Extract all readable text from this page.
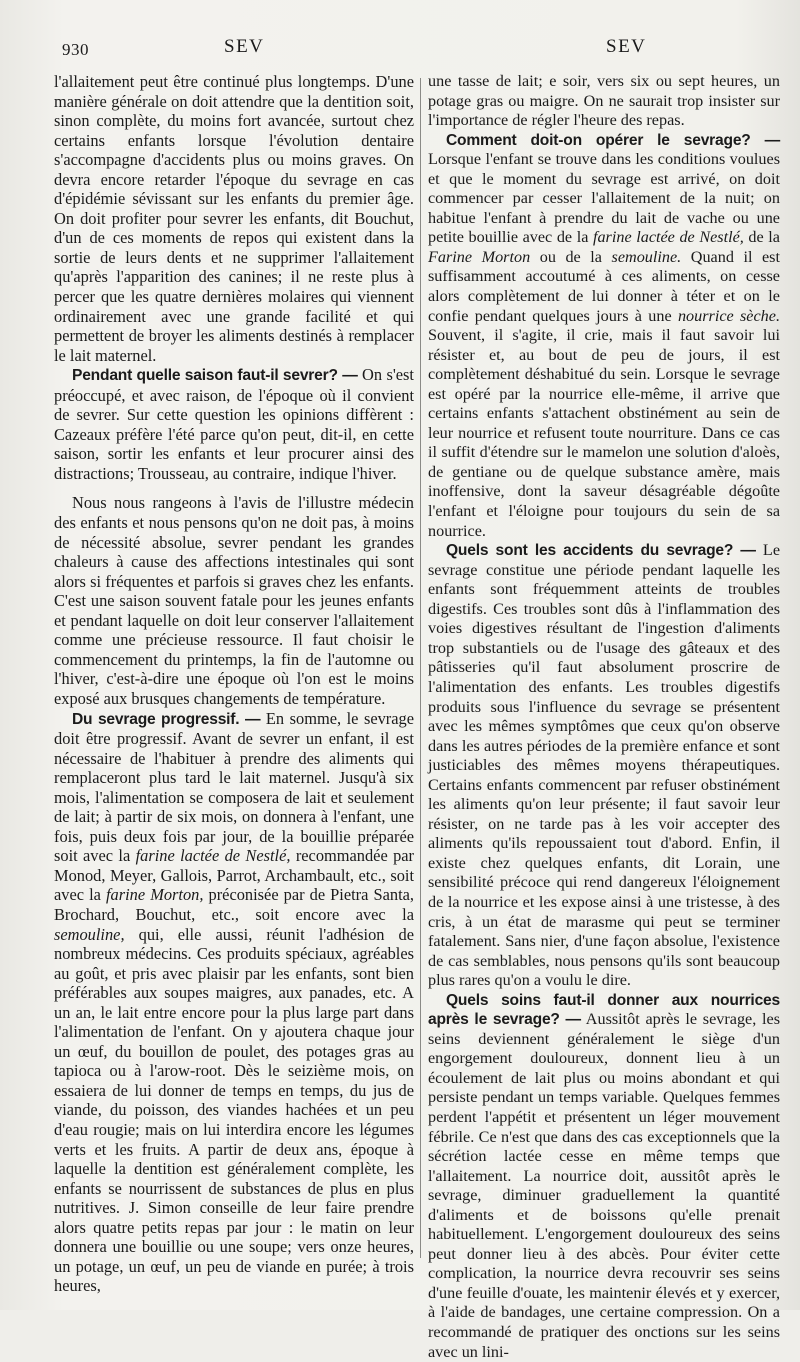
930	SEV	SEV

l'allaitement peut être continué plus longtemps. D'une manière générale on doit attendre que la dentition soit, sinon complète, du moins fort avancée, surtout chez certains enfants lorsque l'évolution dentaire s'accompagne d'accidents plus ou moins graves. On devra encore retarder l'époque du sevrage en cas d'épidémie sévissant sur les enfants du premier âge. On doit profiter pour sevrer les enfants, dit Bouchut, d'un de ces moments de repos qui existent dans la sortie de leurs dents et ne supprimer l'allaitement qu'après l'apparition des canines; il ne reste plus à percer que les quatre dernières molaires qui viennent ordinairement avec une grande facilité et qui permettent de broyer les aliments destinés à remplacer le lait maternel.

Pendant quelle saison faut-il sevrer? — On s'est préoccupé, et avec raison, de l'époque où il convient de sevrer. Sur cette question les opinions diffèrent : Cazeaux préfère l'été parce qu'on peut, dit-il, en cette saison, sortir les enfants et leur procurer ainsi des distractions; Trousseau, au contraire, indique l'hiver.

Nous nous rangeons à l'avis de l'illustre médecin des enfants et nous pensons qu'on ne doit pas, à moins de nécessité absolue, sevrer pendant les grandes chaleurs à cause des affections intestinales qui sont alors si fréquentes et parfois si graves chez les enfants. C'est une saison souvent fatale pour les jeunes enfants et pendant laquelle on doit leur conserver l'allaitement comme une précieuse ressource. Il faut choisir le commencement du printemps, la fin de l'automne ou l'hiver, c'est-à-dire une époque où l'on est le moins exposé aux brusques changements de température.

Du sevrage progressif. — En somme, le sevrage doit être progressif. Avant de sevrer un enfant, il est nécessaire de l'habituer à prendre des aliments qui remplaceront plus tard le lait maternel. Jusqu'à six mois, l'alimentation se composera de lait et seulement de lait; à partir de six mois, on donnera à l'enfant, une fois, puis deux fois par jour, de la bouillie préparée soit avec la farine lactée de Nestlé, recommandée par Monod, Meyer, Gallois, Parrot, Archambault, etc., soit avec la farine Morton, préconisée par de Pietra Santa, Brochard, Bouchut, etc., soit encore avec la semouline, qui, elle aussi, réunit l'adhésion de nombreux médecins. Ces produits spéciaux, agréables au goût, et pris avec plaisir par les enfants, sont bien préférables aux soupes maigres, aux panades, etc. A un an, le lait entre encore pour la plus large part dans l'alimentation de l'enfant. On y ajoutera chaque jour un œuf, du bouillon de poulet, des potages gras au tapioca ou à l'arow-root. Dès le seizième mois, on essaiera de lui donner de temps en temps, du jus de viande, du poisson, des viandes hachées et un peu d'eau rougie; mais on lui interdira encore les légumes verts et les fruits. A partir de deux ans, époque à laquelle la dentition est généralement complète, les enfants se nourrissent de substances de plus en plus nutritives. J. Simon conseille de leur faire prendre alors quatre petits repas par jour : le matin on leur donnera une bouillie ou une soupe; vers onze heures, un potage, un œuf, un peu de viande en purée; à trois heures,

une tasse de lait; e soir, vers six ou sept heures, un potage gras ou maigre. On ne saurait trop insister sur l'importance de régler l'heure des repas.

Comment doit-on opérer le sevrage? — Lorsque l'enfant se trouve dans les conditions voulues et que le moment du sevrage est arrivé, on doit commencer par cesser l'allaitement de la nuit; on habitue l'enfant à prendre du lait de vache ou une petite bouillie avec de la farine lactée de Nestlé, de la Farine Morton ou de la semouline. Quand il est suffisamment accoutumé à ces aliments, on cesse alors complètement de lui donner à téter et on le confie pendant quelques jours à une nourrice sèche. Souvent, il s'agite, il crie, mais il faut savoir lui résister et, au bout de peu de jours, il est complètement déshabitué du sein. Lorsque le sevrage est opéré par la nourrice elle-même, il arrive que certains enfants s'attachent obstinément au sein de leur nourrice et refusent toute nourriture. Dans ce cas il suffit d'étendre sur le mamelon une solution d'aloès, de gentiane ou de quelque substance amère, mais inoffensive, dont la saveur désagréable dégoûte l'enfant et l'éloigne pour toujours du sein de sa nourrice.

Quels sont les accidents du sevrage? — Le sevrage constitue une période pendant laquelle les enfants sont fréquemment atteints de troubles digestifs. Ces troubles sont dûs à l'inflammation des voies digestives résultant de l'ingestion d'aliments trop substantiels ou de l'usage des gâteaux et des pâtisseries qu'il faut absolument proscrire de l'alimentation des enfants. Les troubles digestifs produits sous l'influence du sevrage se présentent avec les mêmes symptômes que ceux qu'on observe dans les autres périodes de la première enfance et sont justiciables des mêmes moyens thérapeutiques. Certains enfants commencent par refuser obstinément les aliments qu'on leur présente; il faut savoir leur résister, on ne tarde pas à les voir accepter des aliments qu'ils repoussaient tout d'abord. Enfin, il existe chez quelques enfants, dit Lorain, une sensibilité précoce qui rend dangereux l'éloignement de la nourrice et les expose ainsi à une tristesse, à des cris, à un état de marasme qui peut se terminer fatalement. Sans nier, d'une façon absolue, l'existence de cas semblables, nous pensons qu'ils sont beaucoup plus rares qu'on a voulu le dire.

Quels soins faut-il donner aux nourrices après le sevrage? — Aussitôt après le sevrage, les seins deviennent généralement le siège d'un engorgement douloureux, donnent lieu à un écoulement de lait plus ou moins abondant et qui persiste pendant un temps variable. Quelques femmes perdent l'appétit et présentent un léger mouvement fébrile. Ce n'est que dans des cas exceptionnels que la sécrétion lactée cesse en même temps que l'allaitement. La nourrice doit, aussitôt après le sevrage, diminuer graduellement la quantité d'aliments et de boissons qu'elle prenait habituellement. L'engorgement douloureux des seins peut donner lieu à des abcès. Pour éviter cette complication, la nourrice devra recouvrir ses seins d'une feuille d'ouate, les maintenir élevés et y exercer, à l'aide de bandages, une certaine compression. On a recommandé de pratiquer des onctions sur les seins avec un lini-
